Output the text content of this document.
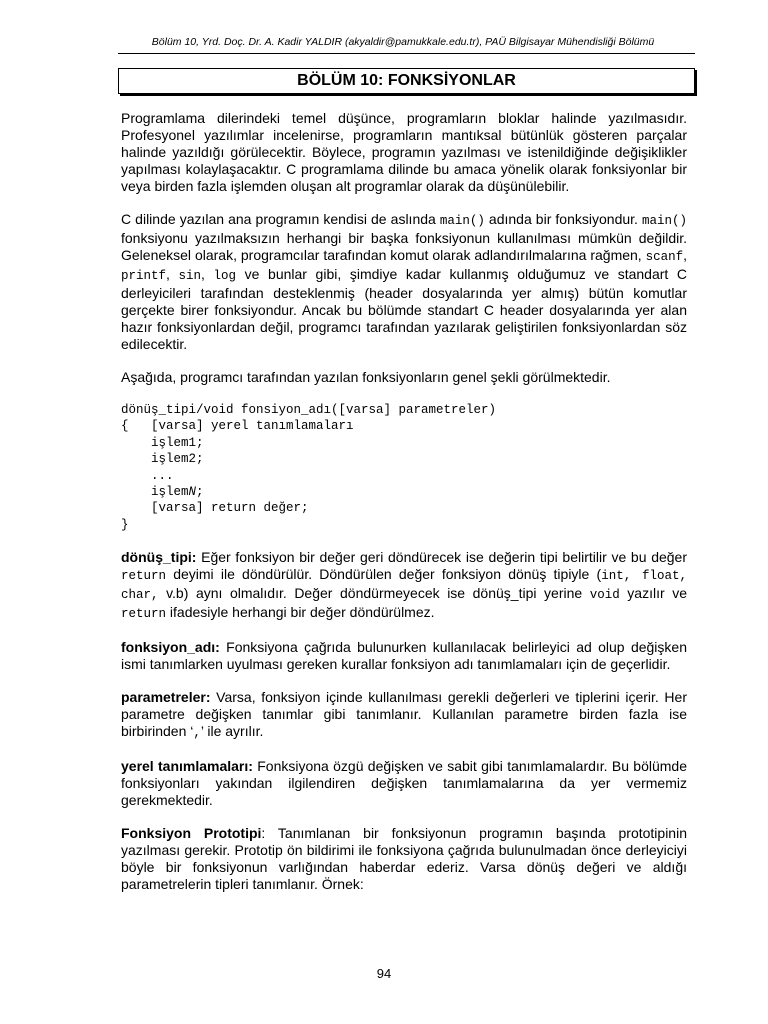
Bölüm 10, Yrd. Doç. Dr. A. Kadir YALDIR (akyaldir@pamukkale.edu.tr), PAÜ Bilgisayar Mühendisliği Bölümü
BÖLÜM 10: FONKSİYONLAR

Programlama dilerindeki temel düşünce, programların bloklar halinde yazılmasıdır. Profesyonel yazılımlar incelenirse, programların mantıksal bütünlük gösteren parçalar halinde yazıldığı görülecektir. Böylece, programın yazılması ve istenildiğinde değişiklikler yapılması kolaylaşacaktır. C programlama dilinde bu amaca yönelik olarak fonksiyonlar bir veya birden fazla işlemden oluşan alt programlar olarak da düşünülebilir.

C dilinde yazılan ana programın kendisi de aslında main() adında bir fonksiyondur. main() fonksiyonu yazılmaksızın herhangi bir başka fonksiyonun kullanılması mümkün değildir. Geleneksel olarak, programcılar tarafından komut olarak adlandırılmalarına rağmen, scanf, printf, sin, log ve bunlar gibi, şimdiye kadar kullanmış olduğumuz ve standart C derleyicileri tarafından desteklenmiş (header dosyalarında yer almış) bütün komutlar gerçekte birer fonksiyondur. Ancak bu bölümde standart C header dosyalarında yer alan hazır fonksiyonlardan değil, programcı tarafından yazılarak geliştirilen fonksiyonlardan söz edilecektir.

Aşağıda, programcı tarafından yazılan fonksiyonların genel şekli görülmektedir.

dönüş_tipi/void fonsiyon_adı([varsa] parametreler)
{   [varsa] yerel tanımlamaları
işlem1;
işlem2;
...
işlemN;
[varsa] return değer;
}

dönüş_tipi: Eğer fonksiyon bir değer geri döndürecek ise değerin tipi belirtilir ve bu değer return deyimi ile döndürülür. Döndürülen değer fonksiyon dönüş tipiyle (int, float, char, v.b) aynı olmalıdır. Değer döndürmeyecek ise dönüş_tipi yerine void yazılır ve return ifadesiyle herhangi bir değer döndürülmez.

fonksiyon_adı: Fonksiyona çağrıda bulunurken kullanılacak belirleyici ad olup değişken ismi tanımlarken uyulması gereken kurallar fonksiyon adı tanımlamaları için de geçerlidir.

parametreler: Varsa, fonksiyon içinde kullanılması gerekli değerleri ve tiplerini içerir. Her parametre değişken tanımlar gibi tanımlanır. Kullanılan parametre birden fazla ise birbirinden ‘,’ ile ayrılır.

yerel tanımlamaları: Fonksiyona özgü değişken ve sabit gibi tanımlamalardır. Bu bölümde fonksiyonları yakından ilgilendiren değişken tanımlamalarına da yer vermemiz gerekmektedir.

Fonksiyon Prototipi: Tanımlanan bir fonksiyonun programın başında prototipinin yazılması gerekir. Prototip ön bildirimi ile fonksiyona çağrıda bulunulmadan önce derleyiciyi böyle bir fonksiyonun varlığından haberdar ederiz. Varsa dönüş değeri ve aldığı parametrelerin tipleri tanımlanır. Örnek:

94
